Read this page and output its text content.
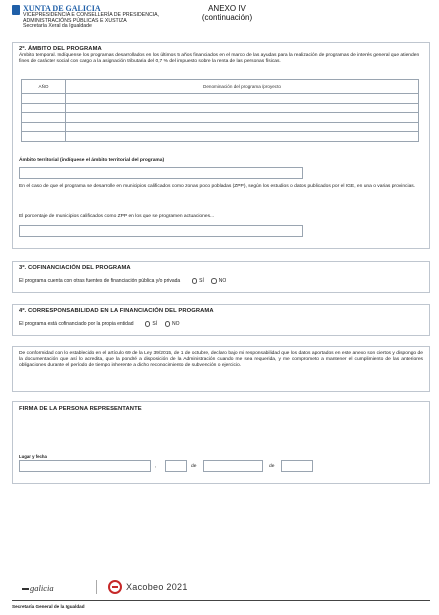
XUNTA DE GALICIA
VICEPRESIDENCIA E CONSELLERÍA DE PRESIDENCIA,
ADMINISTRACIÓNS PÚBLICAS E XUSTIZA
Secretaría Xeral da Igualdade
ANEXO IV
(continuación)
2º. ÁMBITO DEL PROGRAMA
Ámbito temporal. Indíquense los programas desarrollados en los últimos 5 años financiados en el marco de las ayudas para la realización de programas de interés general que atienden fines de carácter social con cargo a la asignación tributaria del 0,7 % del impuesto sobre la renta de las personas físicas.
AÑO	Denominación del programa /proyecto

Ámbito territorial (indíquese el ámbito territorial del programa)
En el caso de que el programa se desarrolle en municipios calificados como zonas poco pobladas (ZPP), según los estudios o datos publicados por el IGE, en una o varias provincias.
El porcentaje de municipios calificados como ZPP en los que se programen actuaciones...
3º. COFINANCIACIÓN DEL PROGRAMA
El programa cuenta con otras fuentes de financiación pública y/o privada	SÍ	NO
4º. CORRESPONSABILIDAD EN LA FINANCIACIÓN DEL PROGRAMA
El programa está cofinanciado por la propia entidad	SÍ	NO
De conformidad con lo establecido en el artículo 69 de la Ley 39/2015, de 1 de octubre, declaro bajo mi responsabilidad que los datos aportados en este anexo son ciertos y dispongo de la documentación que así lo acredita, que la pondré a disposición de la Administración cuando me sea requerida, y me comprometo a mantener el cumplimiento de las anteriores obligaciones durante el período de tiempo inherente a dicho reconocimiento de subvención o ejercicio.
FIRMA DE LA PERSONA REPRESENTANTE
Lugar y fecha
,	de	de
galicia	Xacobeo 2021
Secretaría General de la Igualdad
